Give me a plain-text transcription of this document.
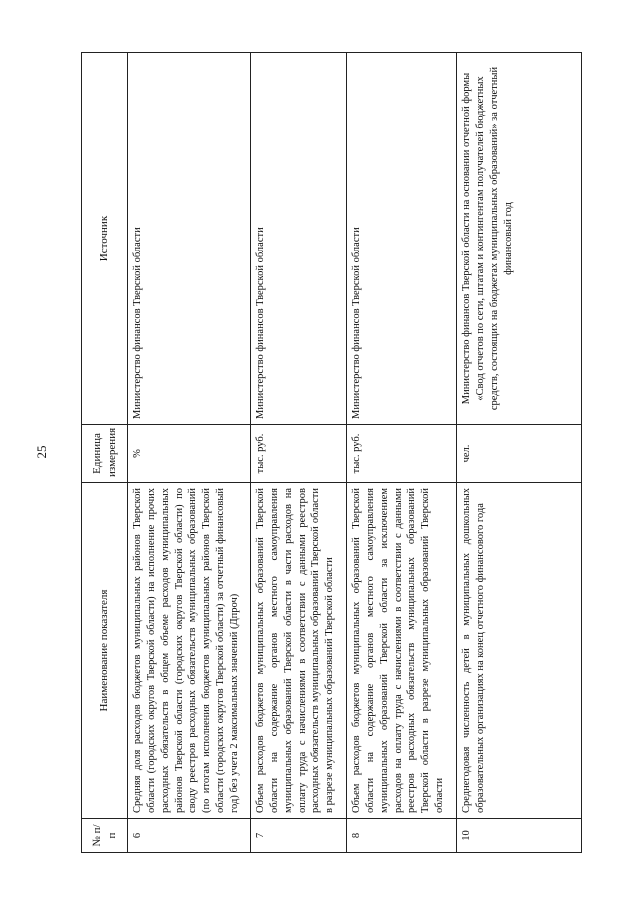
25
№ п/п	Наименование показателя	Единица измерения	Источник
6	Средняя доля расходов бюджетов муниципальных районов Тверской области (городских округов Тверской области) на исполнение прочих расходных обязательств в общем объеме расходов муниципальных районов Тверской области (городских округов Тверской области) по своду реестров расходных обязательств муниципальных образований (по итогам исполнения бюджетов муниципальных районов Тверской области (городских округов Тверской области) за отчетный финансовый год) без учета 2 максимальных значений (Дпроч)	%	Министерство финансов Тверской области
7	Объем расходов бюджетов муниципальных образований Тверской области на содержание органов местного самоуправления муниципальных образований Тверской области в части расходов на оплату труда с начислениями в соответствии с данными реестров расходных обязательств муниципальных образований Тверской области в разрезе муниципальных образований Тверской области	тыс. руб.	Министерство финансов Тверской области
8	Объем расходов бюджетов муниципальных образований Тверской области на содержание органов местного самоуправления муниципальных образований Тверской области за исключением расходов на оплату труда с начислениями в соответствии с данными реестров расходных обязательств муниципальных образований Тверской области в разрезе муниципальных образований Тверской области	тыс. руб.	Министерство финансов Тверской области
10	Среднегодовая численность детей в муниципальных дошкольных образовательных организациях на конец отчетного финансового года	чел.	Министерство финансов Тверской области на основании отчетной формы «Свод отчетов по сети, штатам и контингентам получателей бюджетных средств, состоящих на бюджетах муниципальных образований» за отчетный финансовый год
